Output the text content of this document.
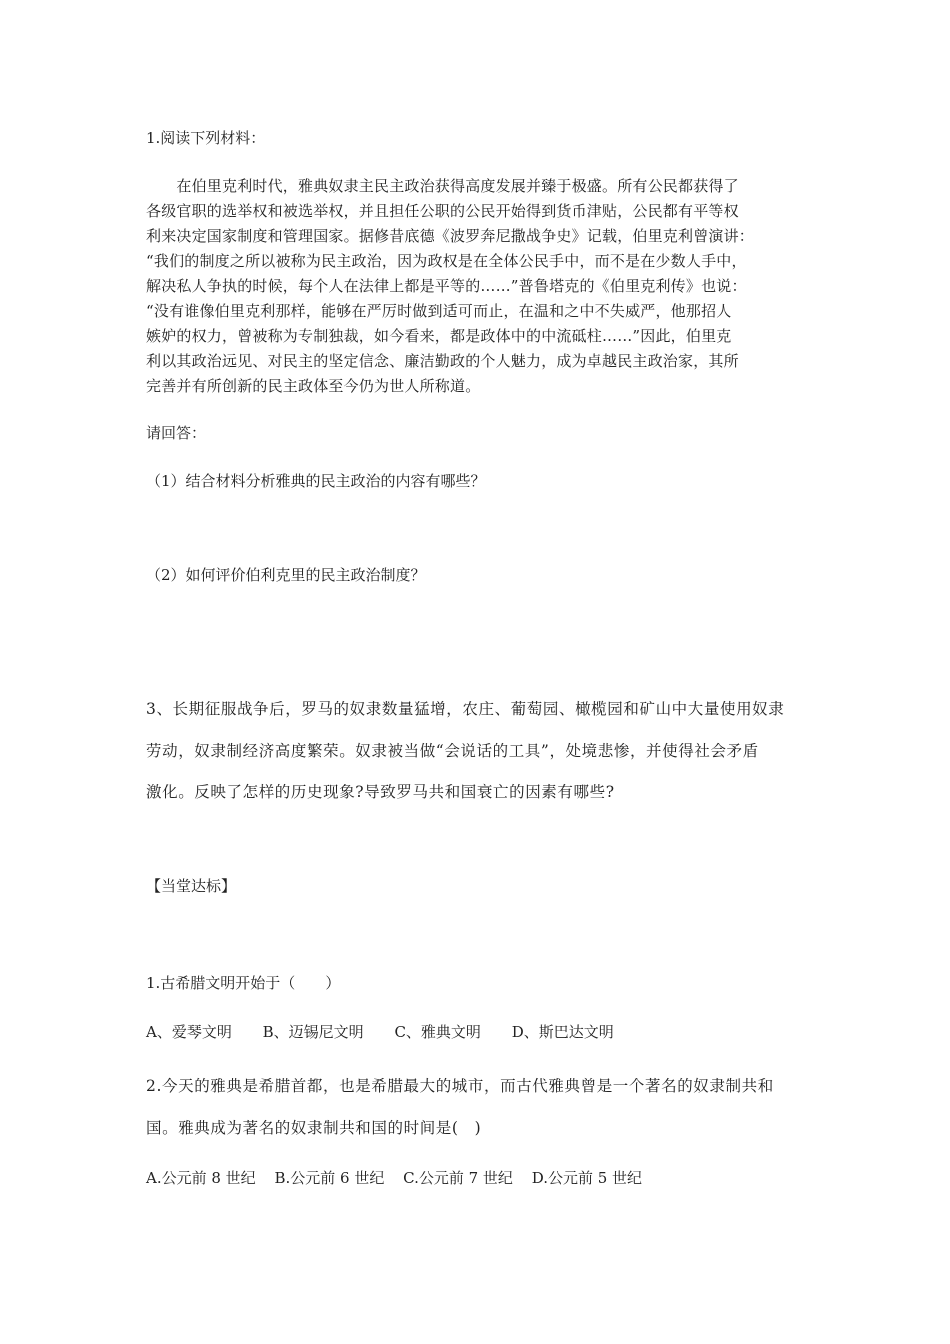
1.阅读下列材料：
　　在伯里克利时代，雅典奴隶主民主政治获得高度发展并臻于极盛。所有公民都获得了
各级官职的选举权和被选举权，并且担任公职的公民开始得到货币津贴，公民都有平等权
利来决定国家制度和管理国家。据修昔底德《波罗奔尼撒战争史》记载，伯里克利曾演讲：
“我们的制度之所以被称为民主政治，因为政权是在全体公民手中，而不是在少数人手中，
解决私人争执的时候，每个人在法律上都是平等的……”普鲁塔克的《伯里克利传》也说：
“没有谁像伯里克利那样，能够在严厉时做到适可而止，在温和之中不失威严，他那招人
嫉妒的权力，曾被称为专制独裁，如今看来，都是政体中的中流砥柱……”因此，伯里克
利以其政治远见、对民主的坚定信念、廉洁勤政的个人魅力，成为卓越民主政治家，其所
完善并有所创新的民主政体至今仍为世人所称道。
请回答：
（1）结合材料分析雅典的民主政治的内容有哪些？
（2）如何评价伯利克里的民主政治制度？
3、长期征服战争后，罗马的奴隶数量猛增，农庄、葡萄园、橄榄园和矿山中大量使用奴隶
劳动，奴隶制经济高度繁荣。奴隶被当做“会说话的工具”，处境悲惨，并使得社会矛盾
激化。反映了怎样的历史现象?导致罗马共和国衰亡的因素有哪些?
【当堂达标】
1.古希腊文明开始于（　　）
A、爱琴文明 B、迈锡尼文明 C、雅典文明 D、斯巴达文明
2.今天的雅典是希腊首都，也是希腊最大的城市，而古代雅典曾是一个著名的奴隶制共和
国。雅典成为著名的奴隶制共和国的时间是(　)
A.公元前 8 世纪 B.公元前 6 世纪 C.公元前 7 世纪 D.公元前 5 世纪
